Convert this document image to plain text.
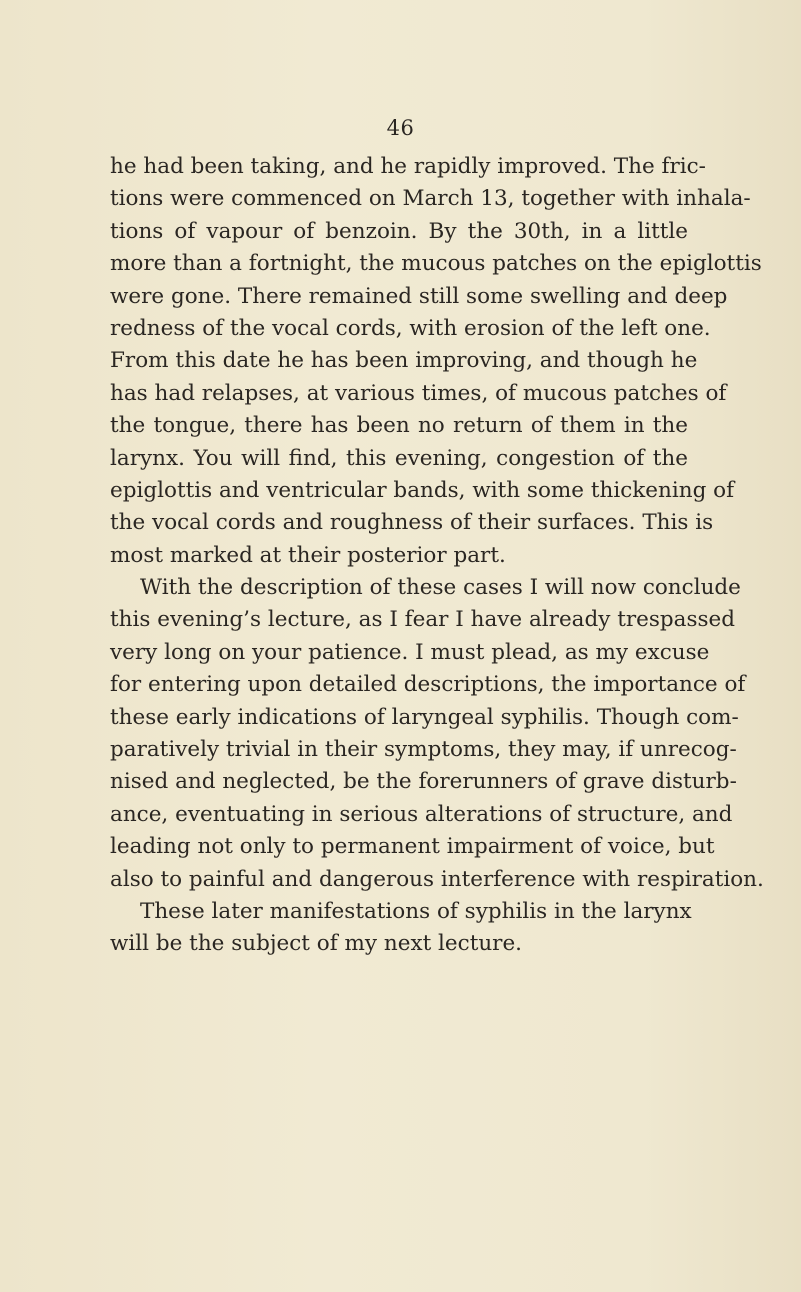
46
he had been taking, and he rapidly improved. The fric-
tions were commenced on March 13, together with inhala-
tions of vapour of benzoin. By the 30th, in a little
more than a fortnight, the mucous patches on the epiglottis
were gone. There remained still some swelling and deep
redness of the vocal cords, with erosion of the left one.
From this date he has been improving, and though he
has had relapses, at various times, of mucous patches of
the tongue, there has been no return of them in the
larynx. You will find, this evening, congestion of the
epiglottis and ventricular bands, with some thickening of
the vocal cords and roughness of their surfaces. This is
most marked at their posterior part.
With the description of these cases I will now conclude
this evening’s lecture, as I fear I have already trespassed
very long on your patience. I must plead, as my excuse
for entering upon detailed descriptions, the importance of
these early indications of laryngeal syphilis. Though com-
paratively trivial in their symptoms, they may, if unrecog-
nised and neglected, be the forerunners of grave disturb-
ance, eventuating in serious alterations of structure, and
leading not only to permanent impairment of voice, but
also to painful and dangerous interference with respiration.
These later manifestations of syphilis in the larynx
will be the subject of my next lecture.
